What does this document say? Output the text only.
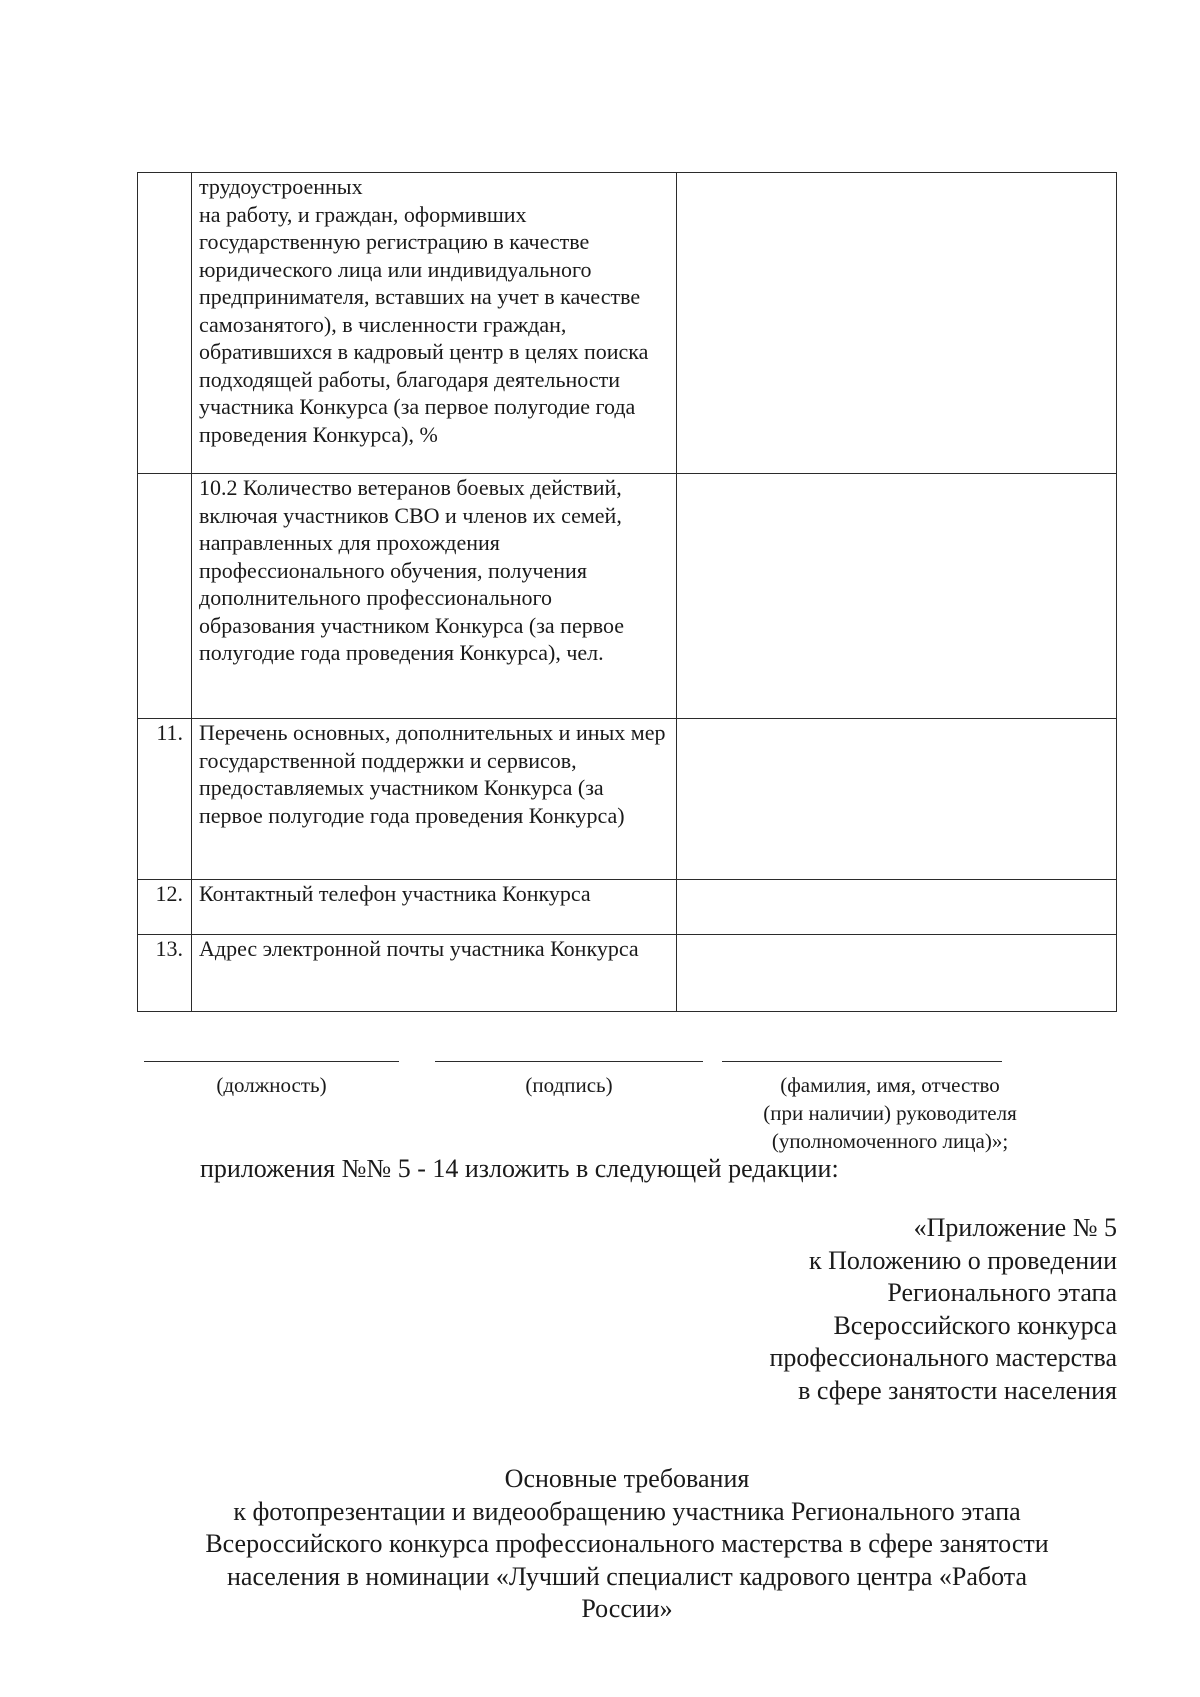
	трудоустроенных
на работу, и граждан, оформивших государственную регистрацию в качестве юридического лица или индивидуального предпринимателя, вставших на учет в качестве самозанятого), в численности граждан, обратившихся в кадровый центр в целях поиска подходящей работы, благодаря деятельности участника Конкурса (за первое полугодие года проведения Конкурса), %	

	10.2 Количество ветеранов боевых действий, включая участников СВО и членов их семей, направленных для прохождения профессионального обучения, получения дополнительного профессионального образования участником Конкурса (за первое полугодие года проведения Конкурса), чел.	

11.	Перечень основных, дополнительных и иных мер государственной поддержки и сервисов, предоставляемых участником Конкурса (за первое полугодие года проведения Конкурса)	

12.	Контактный телефон участника Конкурса	

13.	Адрес электронной почты участника Конкурса	

(должность)	(подпись)	(фамилия, имя, отчество
(при наличии) руководителя
(уполномоченного лица)»;
приложения №№ 5 - 14 изложить в следующей редакции:
«Приложение № 5
к Положению о проведении
Регионального этапа
Всероссийского конкурса
профессионального мастерства
в сфере занятости населения
Основные требования
к фотопрезентации и видеообращению участника Регионального этапа
Всероссийского конкурса профессионального мастерства в сфере занятости
населения в номинации «Лучший специалист кадрового центра «Работа
России»
